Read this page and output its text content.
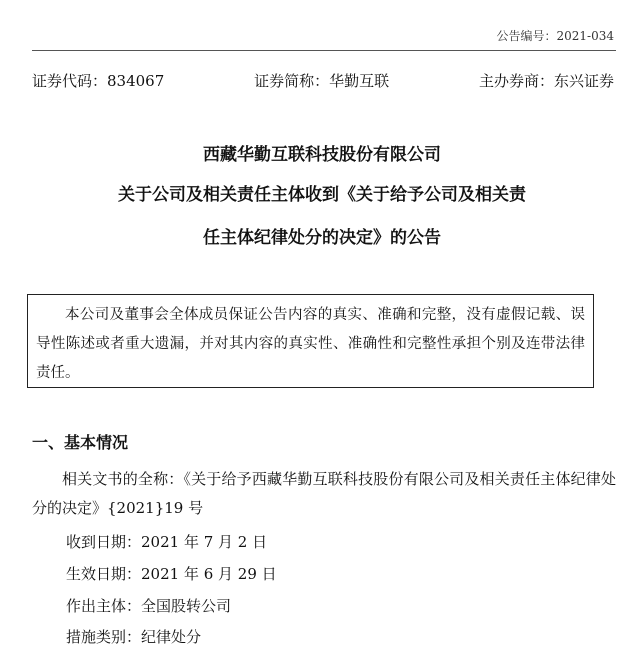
公告编号：2021-034
证券代码：834067	证券简称：华勤互联	主办券商：东兴证券
西藏华勤互联科技股份有限公司
关于公司及相关责任主体收到《关于给予公司及相关责
任主体纪律处分的决定》的公告
本公司及董事会全体成员保证公告内容的真实、准确和完整，没有虚假记载、误导性陈述或者重大遗漏，并对其内容的真实性、准确性和完整性承担个别及连带法律责任。
一、基本情况
相关文书的全称：《关于给予西藏华勤互联科技股份有限公司及相关责任主体纪律处分的决定》{2021}19 号
收到日期：2021 年 7 月 2 日
生效日期：2021 年 6 月 29 日
作出主体：全国股转公司
措施类别：纪律处分
